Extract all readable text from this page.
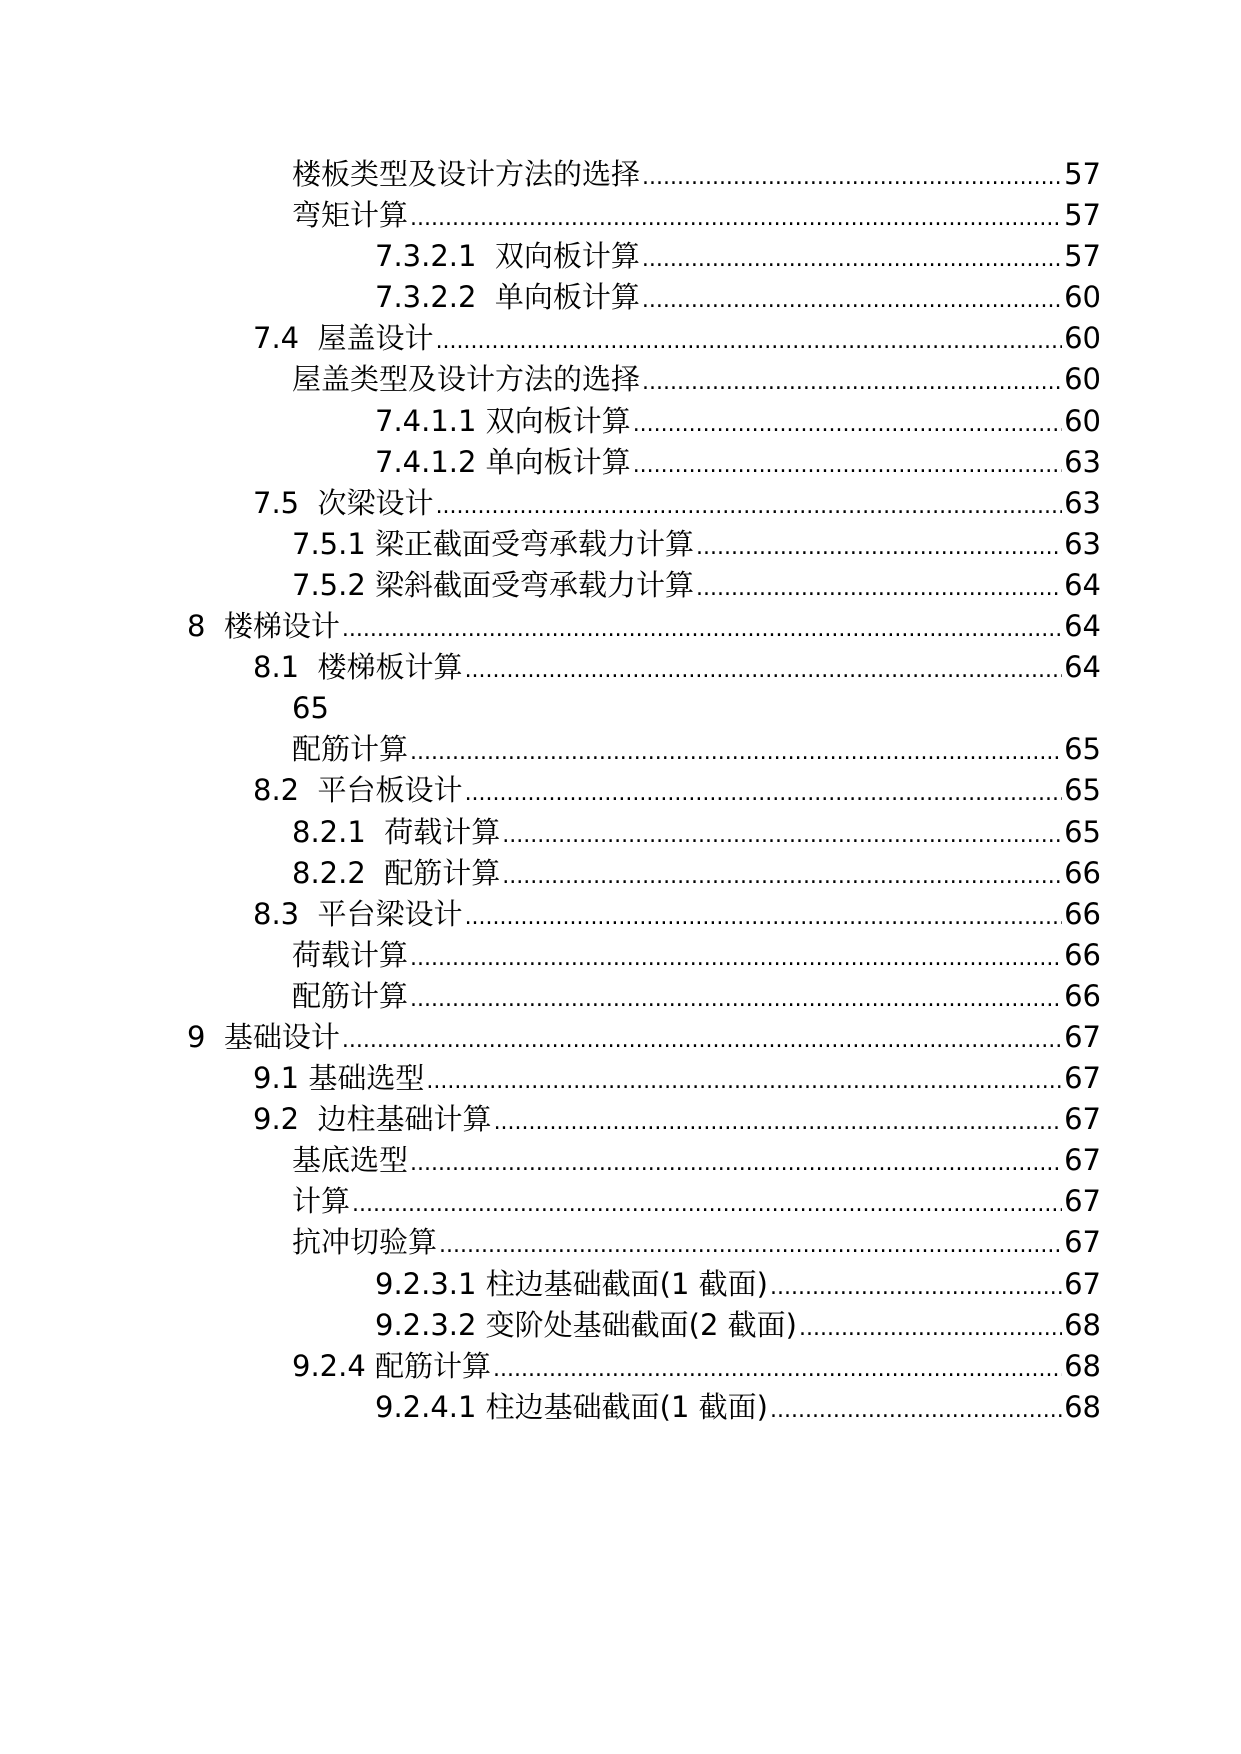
楼板类型及设计方法的选择 .....	57
弯矩计算 .....	57
7.3.2.1  双向板计算 .....	57
7.3.2.2  单向板计算 .....	60
7.4  屋盖设计 .....	60
屋盖类型及设计方法的选择 .....	60
7.4.1.1 双向板计算 .....	60
7.4.1.2 单向板计算 .....	63
7.5  次梁设计 .....	63
7.5.1 梁正截面受弯承载力计算 .....	63
7.5.2 梁斜截面受弯承载力计算 .....	64
8  楼梯设计 .....	64
8.1  楼梯板计算 .....	64
65
配筋计算 .....	65
8.2  平台板设计 .....	65
8.2.1  荷载计算 .....	65
8.2.2  配筋计算 .....	66
8.3  平台梁设计 .....	66
荷载计算 .....	66
配筋计算 .....	66
9  基础设计 .....	67
9.1 基础选型 .....	67
9.2  边柱基础计算 .....	67
基底选型 .....	67
计算 .....	67
抗冲切验算 .....	67
9.2.3.1 柱边基础截面(1 截面) .....	67
9.2.3.2 变阶处基础截面(2 截面) .....	68
9.2.4 配筋计算 .....	68
9.2.4.1 柱边基础截面(1 截面) .....	68
